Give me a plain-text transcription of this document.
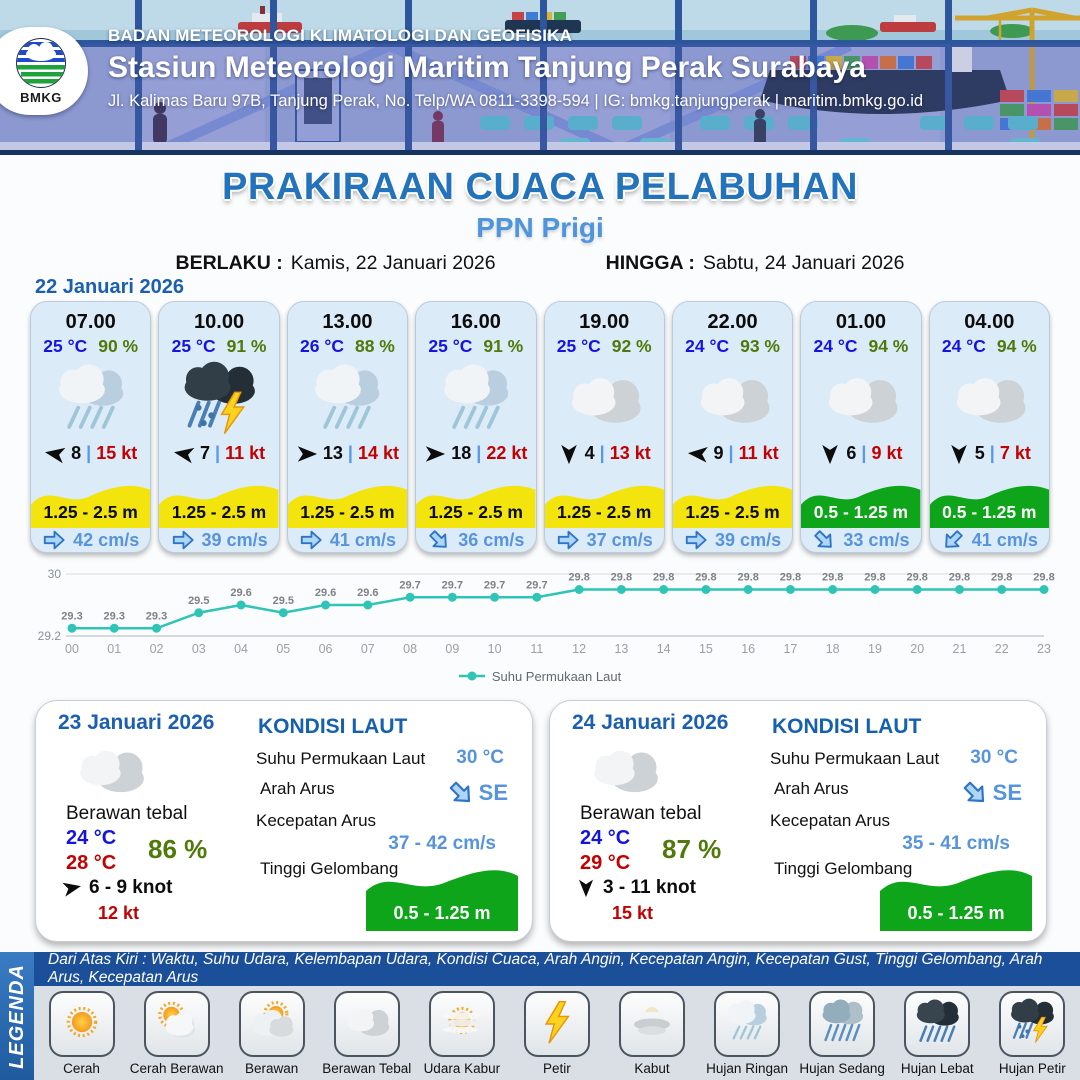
BMKG
BADAN METEOROLOGI KLIMATOLOGI DAN GEOFISIKA
Stasiun Meteorologi Maritim Tanjung Perak Surabaya
Jl. Kalimas Baru 97B, Tanjung Perak, No. Telp/WA 0811-3398-594 | IG: bmkg.tanjungperak | maritim.bmkg.go.id
PRAKIRAAN CUACA PELABUHAN
PPN Prigi
BERLAKU : Kamis, 22 Januari 2026	HINGGA : Sabtu, 24 Januari 2026
22 Januari 2026
07.00
25 °C 90 %
8 | 15 kt
1.25 - 2.5 m
42 cm/s
10.00
25 °C 91 %
7 | 11 kt
1.25 - 2.5 m
39 cm/s
13.00
26 °C 88 %
13 | 14 kt
1.25 - 2.5 m
41 cm/s
16.00
25 °C 91 %
18 | 22 kt
1.25 - 2.5 m
36 cm/s
19.00
25 °C 92 %
4 | 13 kt
1.25 - 2.5 m
37 cm/s
22.00
24 °C 93 %
9 | 11 kt
1.25 - 2.5 m
39 cm/s
01.00
24 °C 94 %
6 | 9 kt
0.5 - 1.25 m
33 cm/s
04.00
24 °C 94 %
5 | 7 kt
0.5 - 1.25 m
41 cm/s
30
29.2
29.3
00
29.3
01
29.3
02
29.5
03
29.6
04
29.5
05
29.6
06
29.6
07
29.7
08
29.7
09
29.7
10
29.7
11
29.8
12
29.8
13
29.8
14
29.8
15
29.8
16
29.8
17
29.8
18
29.8
19
29.8
20
29.8
21
29.8
22
29.8
23
Suhu Permukaan Laut
23 Januari 2026
Berawan tebal
24 °C
28 °C 86 %
6 - 9 knot
12 kt
KONDISI LAUT
Suhu Permukaan Laut 30 °C
Arah Arus	SE
Kecepatan Arus
37 - 42 cm/s
Tinggi Gelombang
0.5 - 1.25 m
24 Januari 2026
Berawan tebal
24 °C
29 °C 87 %
3 - 11 knot
15 kt
KONDISI LAUT
Suhu Permukaan Laut 30 °C
Arah Arus	SE
Kecepatan Arus
35 - 41 cm/s
Tinggi Gelombang
0.5 - 1.25 m
LEGENDA
Dari Atas Kiri : Waktu, Suhu Udara, Kelembapan Udara, Kondisi Cuaca, Arah Angin, Kecepatan Angin, Kecepatan Gust, Tinggi Gelombang, Arah Arus, Kecepatan Arus
Cerah Cerah Berawan Berawan Berawan Tebal Udara Kabur	Petir	Kabut	Hujan Ringan Hujan Sedang Hujan Lebat Hujan Petir
